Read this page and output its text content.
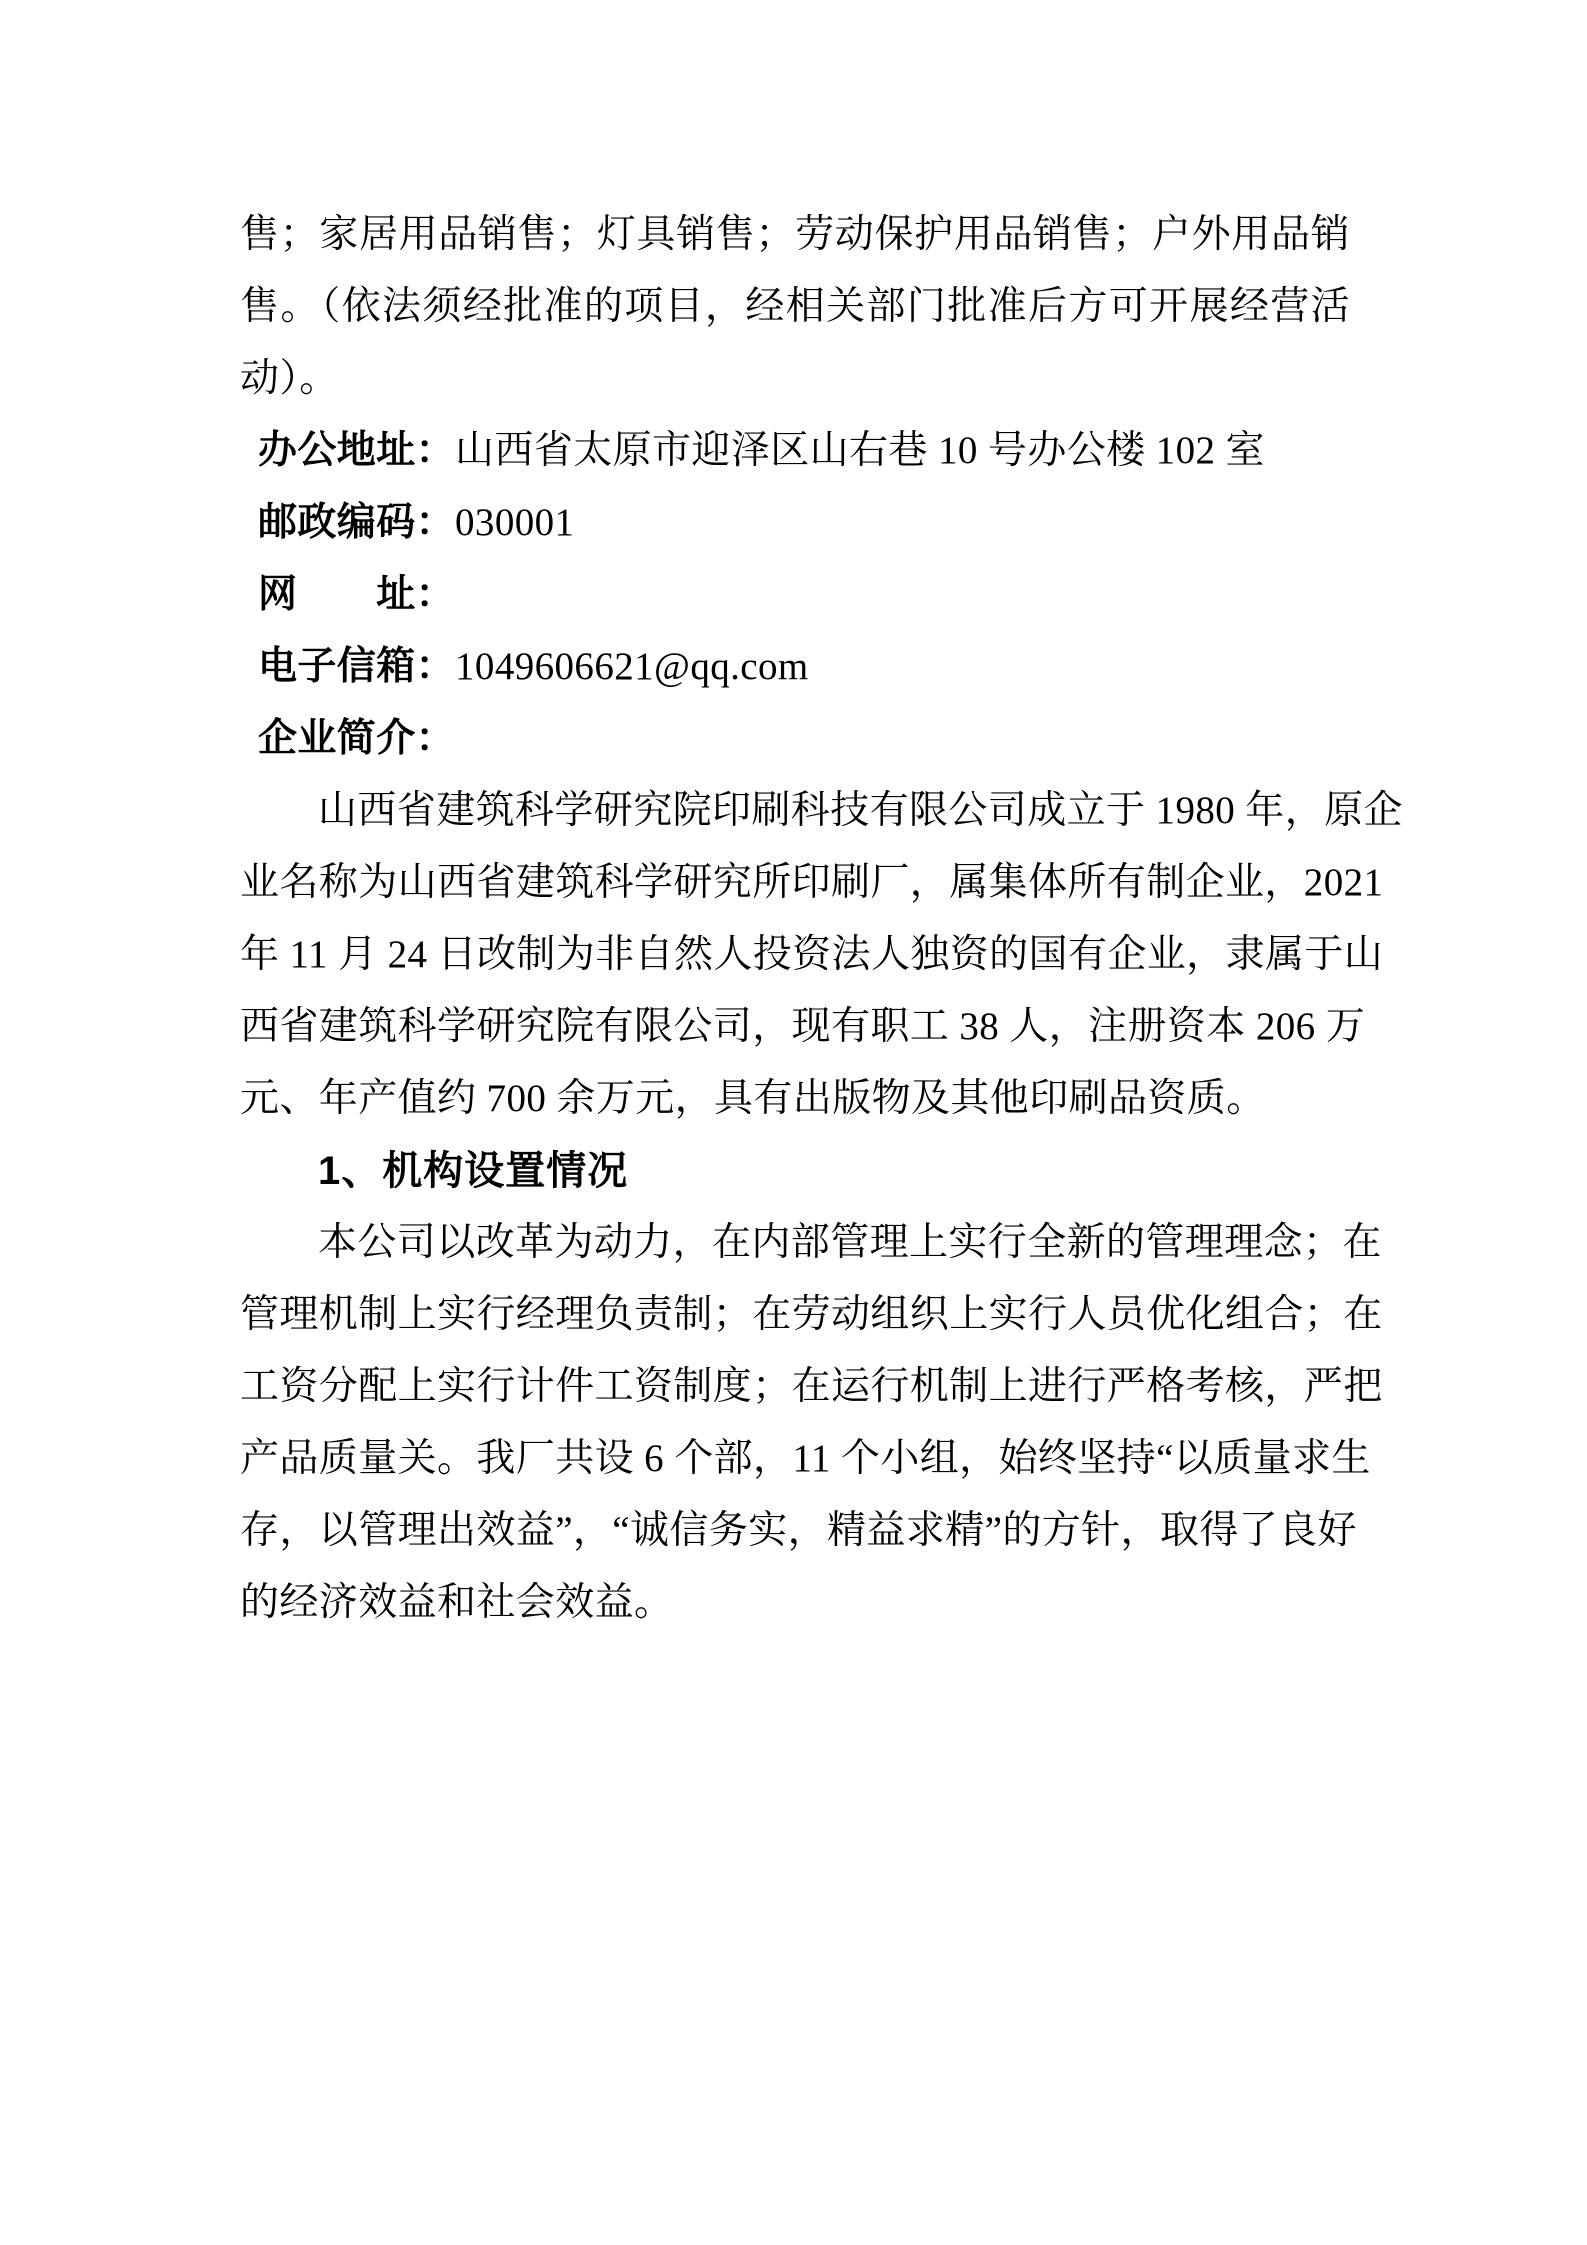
售；家居用品销售；灯具销售；劳动保护用品销售；户外用品销
售。（依法须经批准的项目，经相关部门批准后方可开展经营活
动）。
办公地址：山西省太原市迎泽区山右巷 10 号办公楼 102 室
邮政编码：030001
网　　址：
电子信箱：1049606621@qq.com
企业简介：
山西省建筑科学研究院印刷科技有限公司成立于 1980 年，原企
业名称为山西省建筑科学研究所印刷厂，属集体所有制企业，2021
年 11 月 24 日改制为非自然人投资法人独资的国有企业，隶属于山
西省建筑科学研究院有限公司，现有职工 38 人，注册资本 206 万
元、年产值约 700 余万元，具有出版物及其他印刷品资质。
1、机构设置情况
本公司以改革为动力，在内部管理上实行全新的管理理念；在
管理机制上实行经理负责制；在劳动组织上实行人员优化组合；在
工资分配上实行计件工资制度；在运行机制上进行严格考核，严把
产品质量关。我厂共设 6 个部，11 个小组，始终坚持“以质量求生
存，以管理出效益”，“诚信务实，精益求精”的方针，取得了良好
的经济效益和社会效益。
